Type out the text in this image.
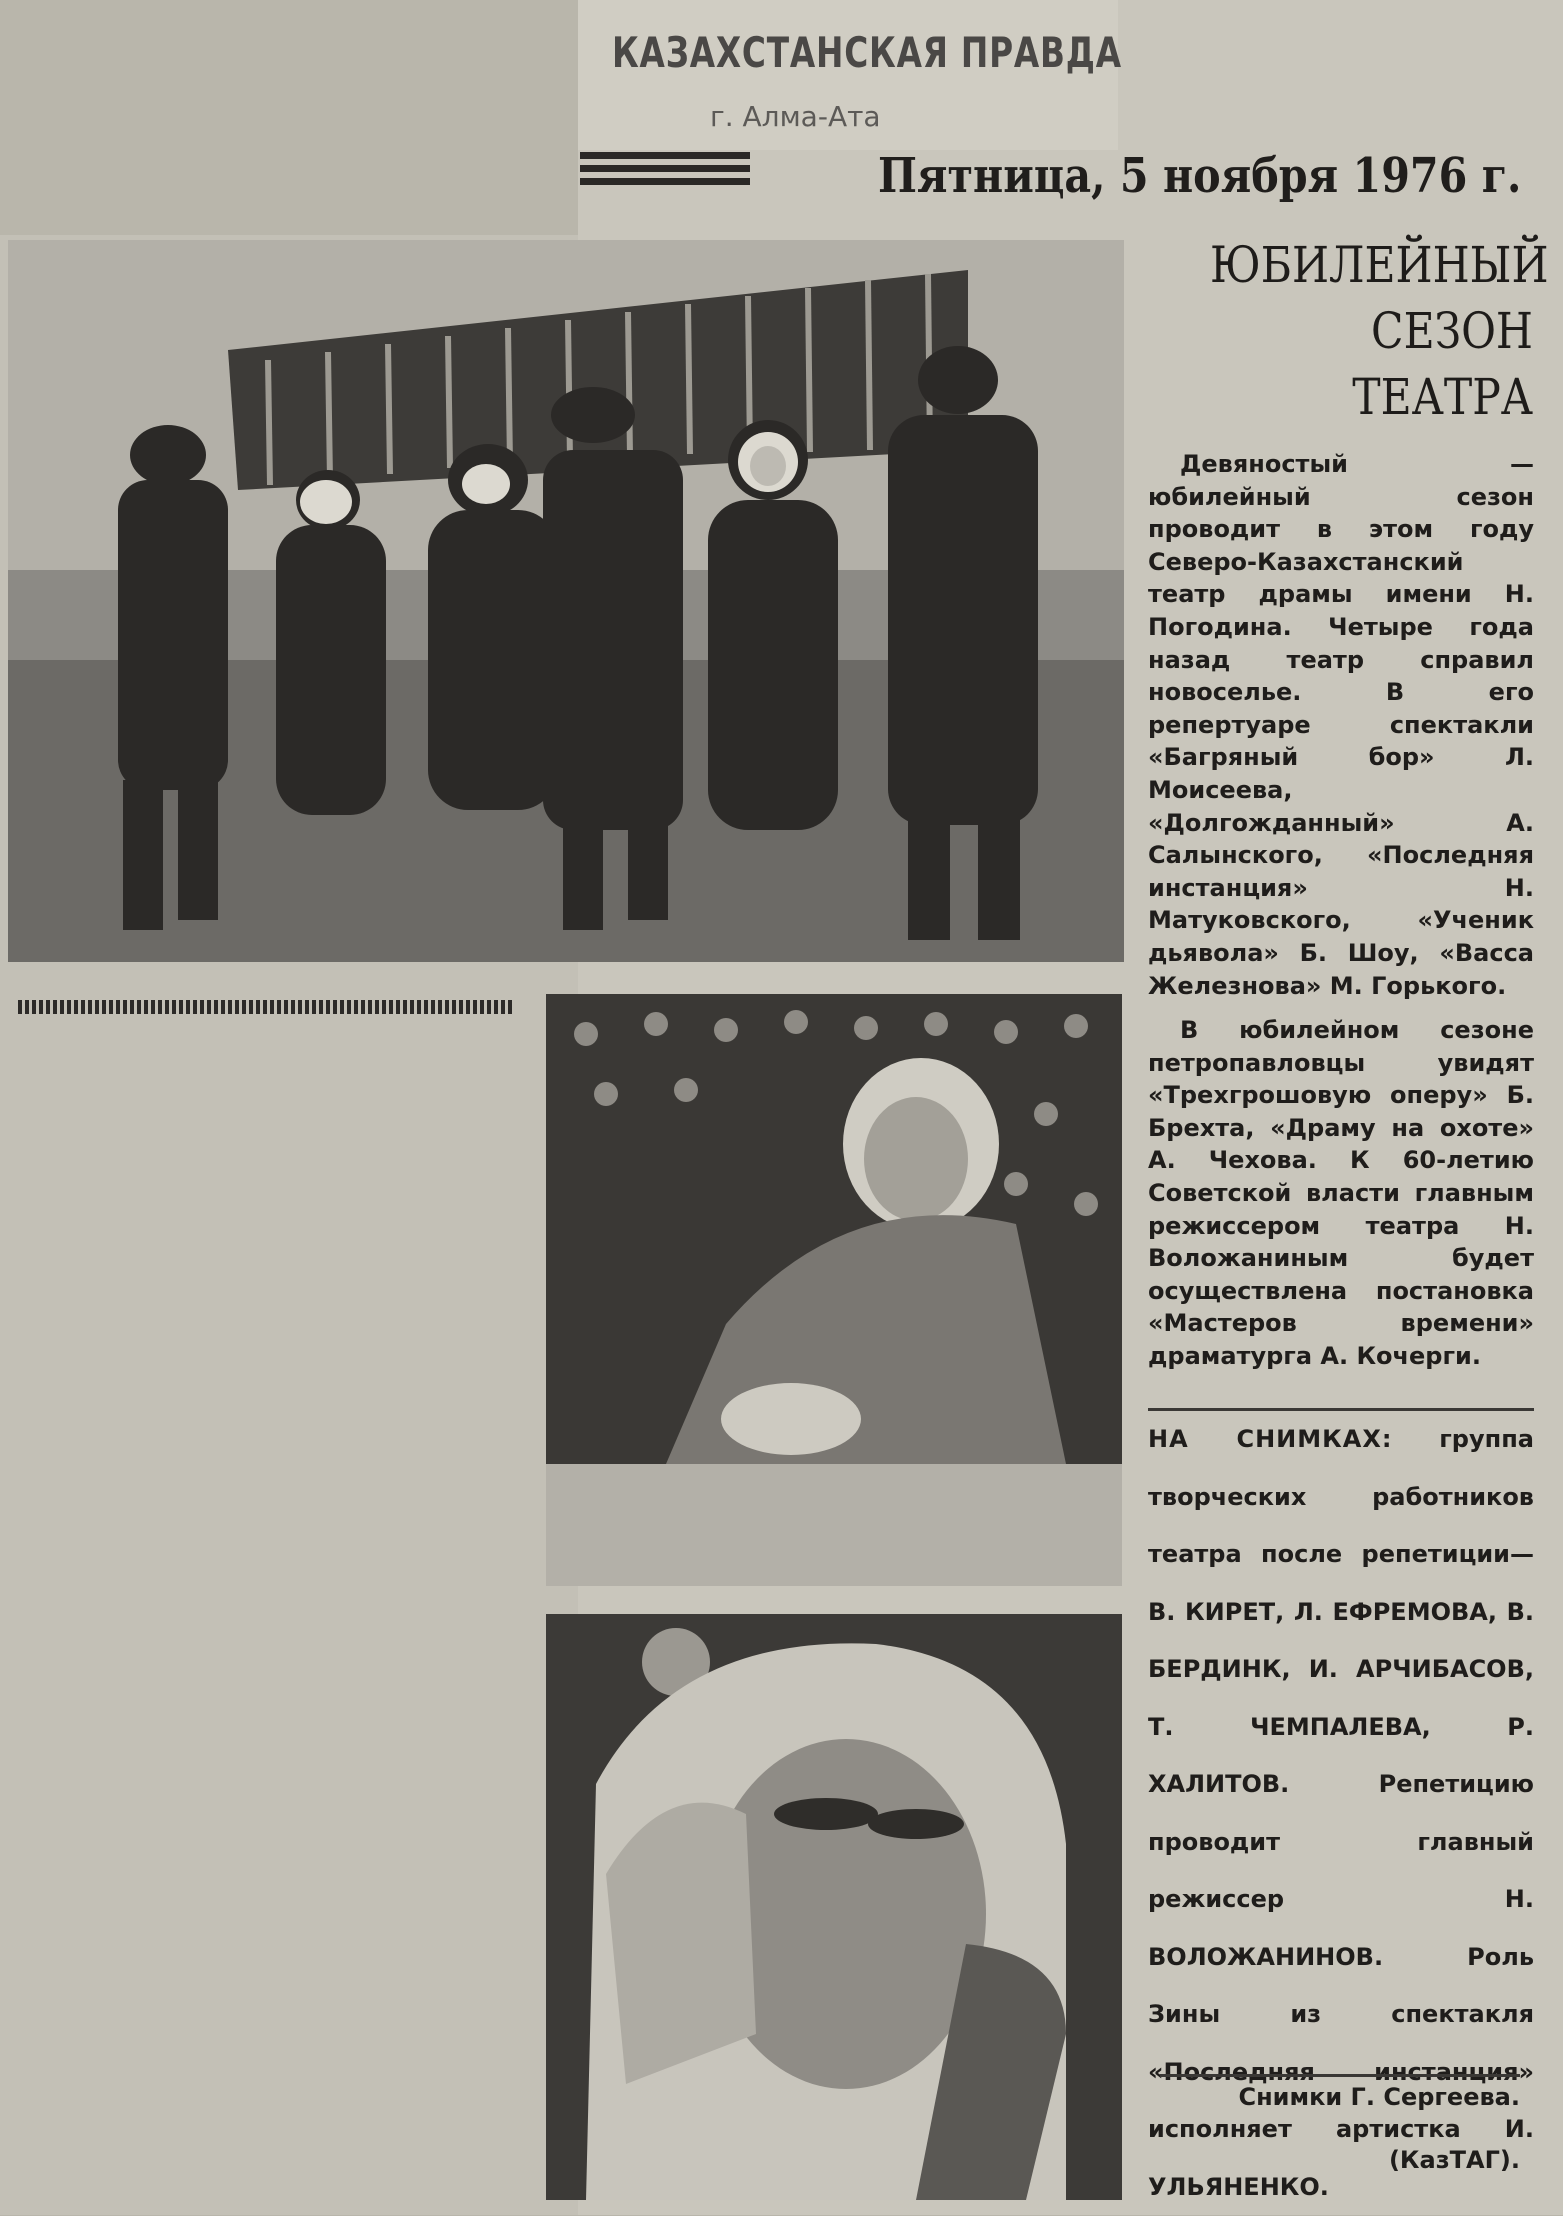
КАЗАХСТАНСКАЯ ПРАВДА
г. Алма-Ата
Пятница, 5 ноября 1976 г.
ЮБИЛЕЙНЫЙ
СЕЗОН
ТЕАТРА

Девяностый — юбилейный сезон проводит в этом году Северо-Казахстанский театр драмы имени Н. Погодина. Четыре года назад театр справил новоселье. В его репертуаре спектакли «Багряный бор» Л. Моисеева, «Долгожданный» А. Салынского, «Последняя инстанция» Н. Матуковского, «Ученик дьявола» Б. Шоу, «Васса Железнова» М. Горького.

В юбилейном сезоне петропавловцы увидят «Трехгрошовую оперу» Б. Брехта, «Драму на охоте» А. Чехова. К 60-летию Советской власти главным режиссером театра Н. Воложаниным будет осуществлена постановка «Мастеров времени» драматурга А. Кочерги.

НА СНИМКАХ: группа творческих работников театра после репетиции— В. КИРЕТ, Л. ЕФРЕМОВА, В. БЕРДИНК, И. АРЧИБАСОВ, Т. ЧЕМПАЛЕВА, Р. ХАЛИТОВ. Репетицию проводит главный режиссер Н. ВОЛОЖАНИНОВ. Роль Зины из спектакля «Последняя инстанция» исполняет артистка И. УЛЬЯНЕНКО.
Снимки Г. Сергеева.
(КазТАГ).
